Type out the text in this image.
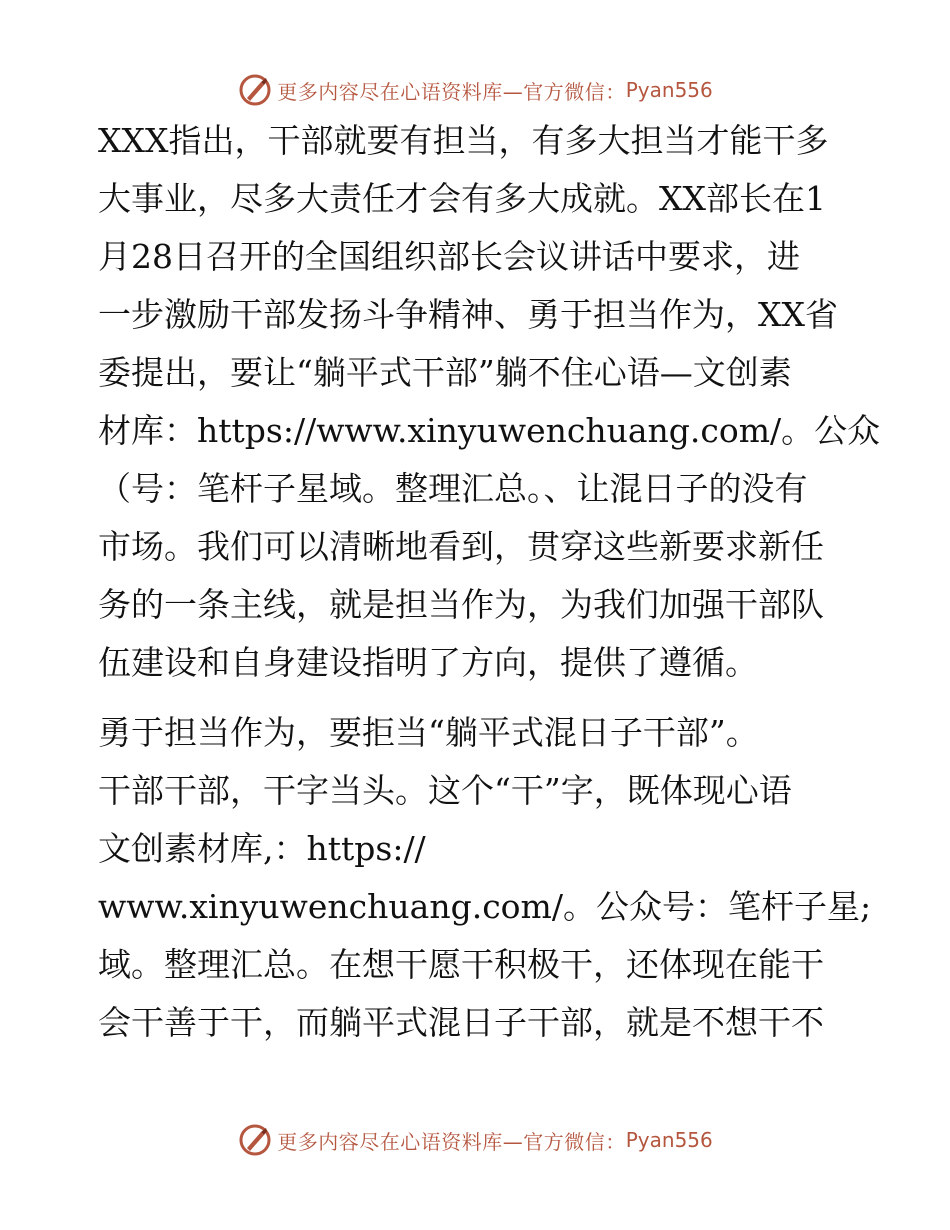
更多内容尽在心语资料库—官方微信： Pyan556
XXX指出，干部就要有担当，有多大担当才能干多
大事业，尽多大责任才会有多大成就。XX部长在1
月28日召开的全国组织部长会议讲话中要求，进
一步激励干部发扬斗争精神、勇于担当作为，XX省
委提出，要让“躺平式干部”躺不住心语—文创素
材库：https://www.xinyuwenchuang.com/。公众
（号：笔杆子星域。整理汇总。、让混日子的没有
市场。我们可以清晰地看到，贯穿这些新要求新任
务的一条主线，就是担当作为，为我们加强干部队
伍建设和自身建设指明了方向，提供了遵循。
勇于担当作为，要拒当“躺平式混日子干部”。
干部干部，干字当头。这个“干”字，既体现心语
文创素材库,：https://
www.xinyuwenchuang.com/。公众号：笔杆子星;
域。整理汇总。在想干愿干积极干，还体现在能干
会干善于干，而躺平式混日子干部，就是不想干不
更多内容尽在心语资料库—官方微信： Pyan556
